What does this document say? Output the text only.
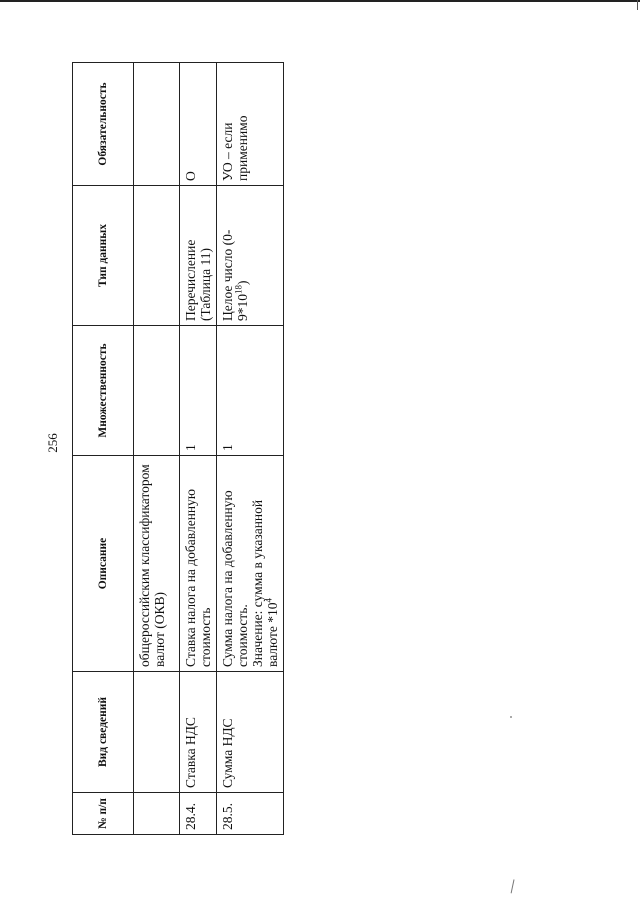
256
№ п/п	Вид сведений	Описание	Множественность	Тип данных	Обязательность
		общероссийским классификатором валют (ОКВ)			
28.4.	Ставка НДС	Ставка налога на добавленную стоимость	1	Перечисление (Таблица 11)	О
28.5.	Сумма НДС	Сумма налога на добавленную стоимость. Значение: сумма в указанной валюте $*10^4$	1	Целое число $(0-9*10^{18})$	УО – если применимо
